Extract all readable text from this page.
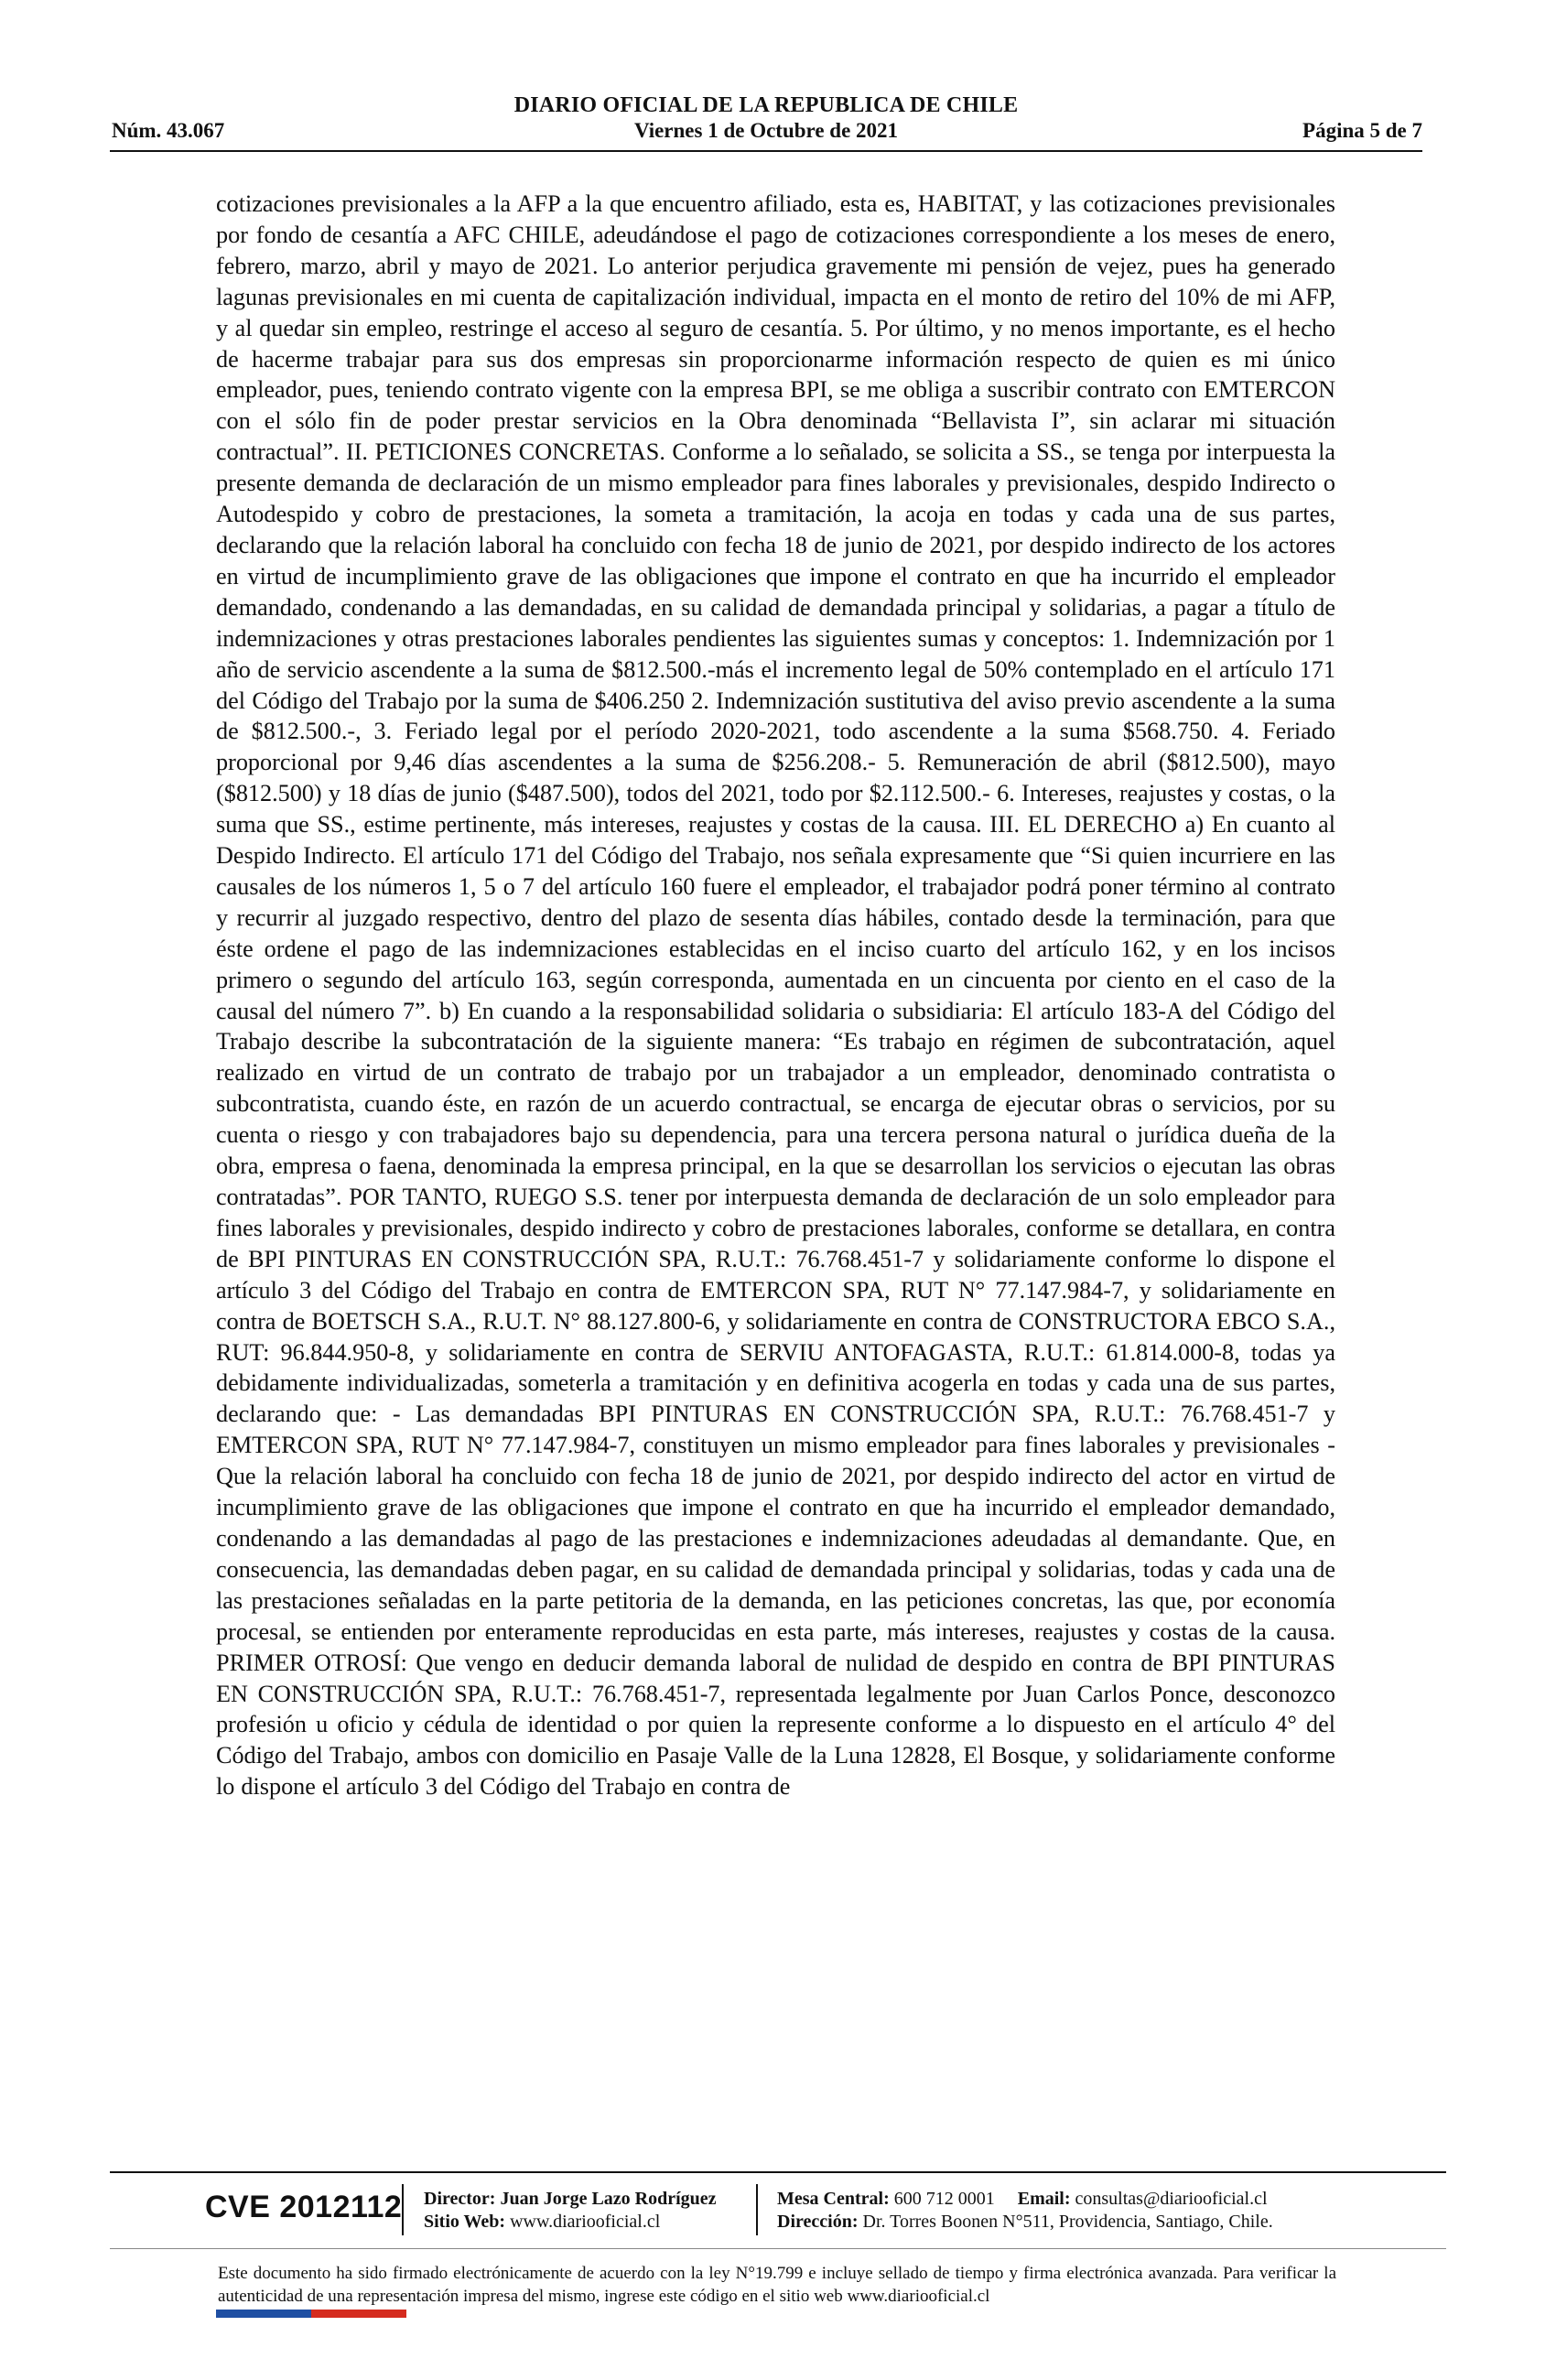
DIARIO OFICIAL DE LA REPUBLICA DE CHILE
Núm. 43.067	Viernes 1 de Octubre de 2021	Página 5 de 7
cotizaciones previsionales a la AFP a la que encuentro afiliado, esta es, HABITAT, y las cotizaciones previsionales por fondo de cesantía a AFC CHILE, adeudándose el pago de cotizaciones correspondiente a los meses de enero, febrero, marzo, abril y mayo de 2021. Lo anterior perjudica gravemente mi pensión de vejez, pues ha generado lagunas previsionales en mi cuenta de capitalización individual, impacta en el monto de retiro del 10% de mi AFP, y al quedar sin empleo, restringe el acceso al seguro de cesantía. 5. Por último, y no menos importante, es el hecho de hacerme trabajar para sus dos empresas sin proporcionarme información respecto de quien es mi único empleador, pues, teniendo contrato vigente con la empresa BPI, se me obliga a suscribir contrato con EMTERCON con el sólo fin de poder prestar servicios en la Obra denominada “Bellavista I”, sin aclarar mi situación contractual”. II. PETICIONES CONCRETAS. Conforme a lo señalado, se solicita a SS., se tenga por interpuesta la presente demanda de declaración de un mismo empleador para fines laborales y previsionales, despido Indirecto o Autodespido y cobro de prestaciones, la someta a tramitación, la acoja en todas y cada una de sus partes, declarando que la relación laboral ha concluido con fecha 18 de junio de 2021, por despido indirecto de los actores en virtud de incumplimiento grave de las obligaciones que impone el contrato en que ha incurrido el empleador demandado, condenando a las demandadas, en su calidad de demandada principal y solidarias, a pagar a título de indemnizaciones y otras prestaciones laborales pendientes las siguientes sumas y conceptos: 1. Indemnización por 1 año de servicio ascendente a la suma de $812.500.-más el incremento legal de 50% contemplado en el artículo 171 del Código del Trabajo por la suma de $406.250 2. Indemnización sustitutiva del aviso previo ascendente a la suma de $812.500.-, 3. Feriado legal por el período 2020-2021, todo ascendente a la suma $568.750. 4. Feriado proporcional por 9,46 días ascendentes a la suma de $256.208.- 5. Remuneración de abril ($812.500), mayo ($812.500) y 18 días de junio ($487.500), todos del 2021, todo por $2.112.500.- 6. Intereses, reajustes y costas, o la suma que SS., estime pertinente, más intereses, reajustes y costas de la causa. III. EL DERECHO a) En cuanto al Despido Indirecto. El artículo 171 del Código del Trabajo, nos señala expresamente que “Si quien incurriere en las causales de los números 1, 5 o 7 del artículo 160 fuere el empleador, el trabajador podrá poner término al contrato y recurrir al juzgado respectivo, dentro del plazo de sesenta días hábiles, contado desde la terminación, para que éste ordene el pago de las indemnizaciones establecidas en el inciso cuarto del artículo 162, y en los incisos primero o segundo del artículo 163, según corresponda, aumentada en un cincuenta por ciento en el caso de la causal del número 7”. b) En cuando a la responsabilidad solidaria o subsidiaria: El artículo 183-A del Código del Trabajo describe la subcontratación de la siguiente manera: “Es trabajo en régimen de subcontratación, aquel realizado en virtud de un contrato de trabajo por un trabajador a un empleador, denominado contratista o subcontratista, cuando éste, en razón de un acuerdo contractual, se encarga de ejecutar obras o servicios, por su cuenta o riesgo y con trabajadores bajo su dependencia, para una tercera persona natural o jurídica dueña de la obra, empresa o faena, denominada la empresa principal, en la que se desarrollan los servicios o ejecutan las obras contratadas”. POR TANTO, RUEGO S.S. tener por interpuesta demanda de declaración de un solo empleador para fines laborales y previsionales, despido indirecto y cobro de prestaciones laborales, conforme se detallara, en contra de BPI PINTURAS EN CONSTRUCCIÓN SPA, R.U.T.: 76.768.451-7 y solidariamente conforme lo dispone el artículo 3 del Código del Trabajo en contra de EMTERCON SPA, RUT N° 77.147.984-7, y solidariamente en contra de BOETSCH S.A., R.U.T. N° 88.127.800-6, y solidariamente en contra de CONSTRUCTORA EBCO S.A., RUT: 96.844.950-8, y solidariamente en contra de SERVIU ANTOFAGASTA, R.U.T.: 61.814.000-8, todas ya debidamente individualizadas, someterla a tramitación y en definitiva acogerla en todas y cada una de sus partes, declarando que: - Las demandadas BPI PINTURAS EN CONSTRUCCIÓN SPA, R.U.T.: 76.768.451-7 y EMTERCON SPA, RUT N° 77.147.984-7, constituyen un mismo empleador para fines laborales y previsionales - Que la relación laboral ha concluido con fecha 18 de junio de 2021, por despido indirecto del actor en virtud de incumplimiento grave de las obligaciones que impone el contrato en que ha incurrido el empleador demandado, condenando a las demandadas al pago de las prestaciones e indemnizaciones adeudadas al demandante. Que, en consecuencia, las demandadas deben pagar, en su calidad de demandada principal y solidarias, todas y cada una de las prestaciones señaladas en la parte petitoria de la demanda, en las peticiones concretas, las que, por economía procesal, se entienden por enteramente reproducidas en esta parte, más intereses, reajustes y costas de la causa. PRIMER OTROSÍ: Que vengo en deducir demanda laboral de nulidad de despido en contra de BPI PINTURAS EN CONSTRUCCIÓN SPA, R.U.T.: 76.768.451-7, representada legalmente por Juan Carlos Ponce, desconozco profesión u oficio y cédula de identidad o por quien la represente conforme a lo dispuesto en el artículo 4° del Código del Trabajo, ambos con domicilio en Pasaje Valle de la Luna 12828, El Bosque, y solidariamente conforme lo dispone el artículo 3 del Código del Trabajo en contra de
CVE 2012112 Director: Juan Jorge Lazo Rodríguez
Sitio Web: www.diariooficial.cl
Mesa Central: 600 712 0001 Email: consultas@diariooficial.cl
Dirección: Dr. Torres Boonen N°511, Providencia, Santiago, Chile.
Este documento ha sido firmado electrónicamente de acuerdo con la ley N°19.799 e incluye sellado de tiempo y firma electrónica avanzada. Para verificar la autenticidad de una representación impresa del mismo, ingrese este código en el sitio web www.diariooficial.cl
